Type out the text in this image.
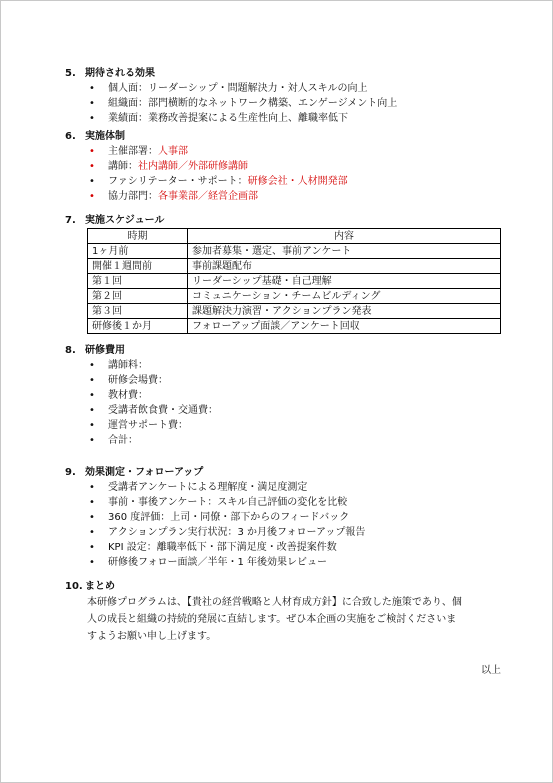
5. 期待される効果
• 個人面：リーダーシップ・問題解決力・対人スキルの向上
• 組織面：部門横断的なネットワーク構築、エンゲージメント向上
• 業績面：業務改善提案による生産性向上、離職率低下
6. 実施体制
• 主催部署：人事部
• 講師：社内講師／外部研修講師
• ファシリテーター・サポート：研修会社・人材開発部
• 協力部門：各事業部／経営企画部
7. 実施スケジュール
時期	内容
1ヶ月前	参加者募集・選定、事前アンケート
開催１週間前	事前課題配布
第１回	リーダーシップ基礎・自己理解
第２回	コミュニケーション・チームビルディング
第３回	課題解決力演習・アクションプラン発表
研修後１か月	フォローアップ面談／アンケート回収
8. 研修費用
• 講師料：
• 研修会場費：
• 教材費：
• 受講者飲食費・交通費：
• 運営サポート費：
• 合計：
9. 効果測定・フォローアップ
• 受講者アンケートによる理解度・満足度測定
• 事前・事後アンケート：スキル自己評価の変化を比較
• 360 度評価：上司・同僚・部下からのフィードバック
• アクションプラン実行状況：3 か月後フォローアップ報告
• KPI 設定：離職率低下・部下満足度・改善提案件数
• 研修後フォロー面談／半年・1 年後効果レビュー
10. まとめ
本研修プログラムは、【貴社の経営戦略と人材育成方針】に合致した施策であり、個
人の成長と組織の持続的発展に直結します。ぜひ本企画の実施をご検討くださいま
すようお願い申し上げます。
以上
